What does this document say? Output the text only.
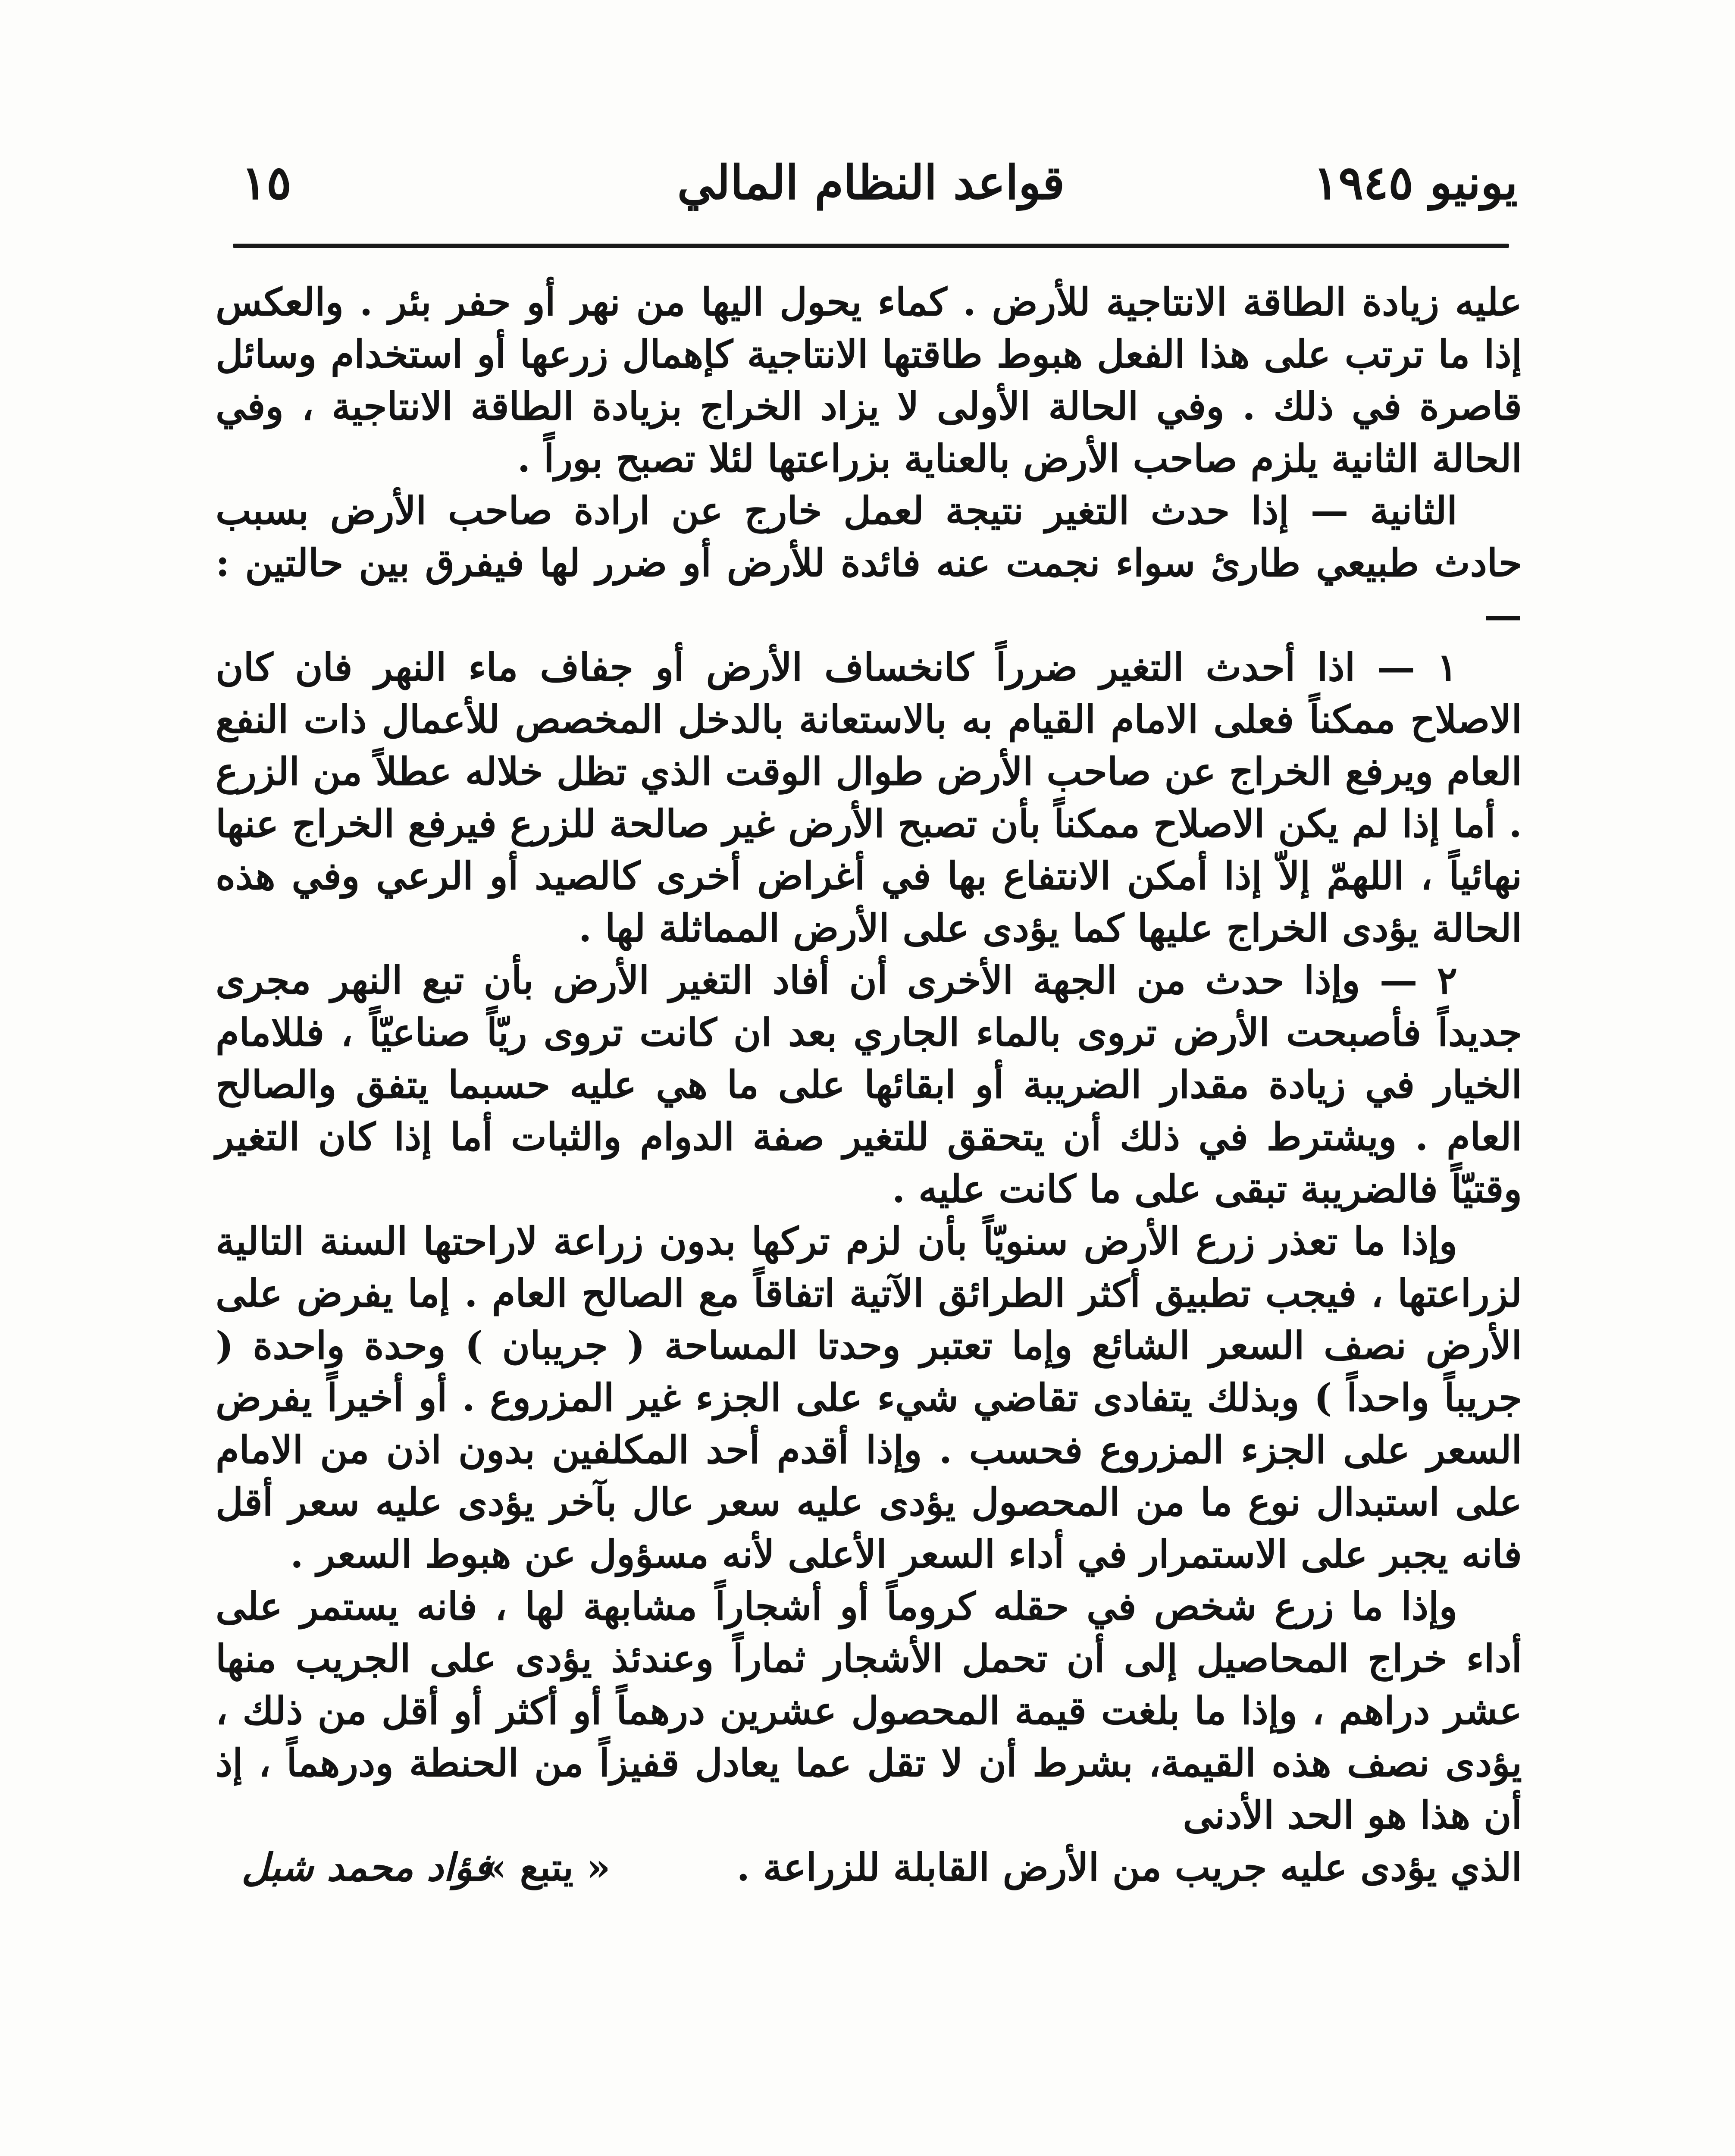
يونيو ١٩٤٥
قواعد النظام المالي
١٥

عليه زيادة الطاقة الانتاجية للأرض . كماء يحول اليها من نهر أو حفر بئر . والعكس إذا ما ترتب على هذا الفعل هبوط طاقتها الانتاجية كإهمال زرعها أو استخدام وسائل قاصرة في ذلك . وفي الحالة الأولى لا يزاد الخراج بزيادة الطاقة الانتاجية ، وفي الحالة الثانية يلزم صاحب الأرض بالعناية بزراعتها لئلا تصبح بوراً .

الثانية — إذا حدث التغير نتيجة لعمل خارج عن ارادة صاحب الأرض بسبب حادث طبيعي طارئ سواء نجمت عنه فائدة للأرض أو ضرر لها فيفرق بين حالتين : —

١ — اذا أحدث التغير ضرراً كانخساف الأرض أو جفاف ماء النهر فان كان الاصلاح ممكناً فعلى الامام القيام به بالاستعانة بالدخل المخصص للأعمال ذات النفع العام ويرفع الخراج عن صاحب الأرض طوال الوقت الذي تظل خلاله عطلاً من الزرع . أما إذا لم يكن الاصلاح ممكناً بأن تصبح الأرض غير صالحة للزرع فيرفع الخراج عنها نهائياً ، اللهمّ إلاّ إذا أمكن الانتفاع بها في أغراض أخرى كالصيد أو الرعي وفي هذه الحالة يؤدى الخراج عليها كما يؤدى على الأرض المماثلة لها .

٢ — وإذا حدث من الجهة الأخرى أن أفاد التغير الأرض بأن تبع النهر مجرى جديداً فأصبحت الأرض تروى بالماء الجاري بعد ان كانت تروى ريّاً صناعيّاً ، فللامام الخيار في زيادة مقدار الضريبة أو ابقائها على ما هي عليه حسبما يتفق والصالح العام . ويشترط في ذلك أن يتحقق للتغير صفة الدوام والثبات أما إذا كان التغير وقتيّاً فالضريبة تبقى على ما كانت عليه .

وإذا ما تعذر زرع الأرض سنويّاً بأن لزم تركها بدون زراعة لاراحتها السنة التالية لزراعتها ، فيجب تطبيق أكثر الطرائق الآتية اتفاقاً مع الصالح العام . إما يفرض على الأرض نصف السعر الشائع وإما تعتبر وحدتا المساحة ( جريبان ) وحدة واحدة ( جريباً واحداً ) وبذلك يتفادى تقاضي شيء على الجزء غير المزروع . أو أخيراً يفرض السعر على الجزء المزروع فحسب . وإذا أقدم أحد المكلفين بدون اذن من الامام على استبدال نوع ما من المحصول يؤدى عليه سعر عال بآخر يؤدى عليه سعر أقل فانه يجبر على الاستمرار في أداء السعر الأعلى لأنه مسؤول عن هبوط السعر .

وإذا ما زرع شخص في حقله كروماً أو أشجاراً مشابهة لها ، فانه يستمر على أداء خراج المحاصيل إلى أن تحمل الأشجار ثماراً وعندئذ يؤدى على الجريب منها عشر دراهم ، وإذا ما بلغت قيمة المحصول عشرين درهماً أو أكثر أو أقل من ذلك ، يؤدى نصف هذه القيمة، بشرط أن لا تقل عما يعادل قفيزاً من الحنطة ودرهماً ، إذ أن هذا هو الحد الأدنى

الذي يؤدى عليه جريب من الأرض القابلة للزراعة .
« يتبع »
فؤاد محمد شبل
